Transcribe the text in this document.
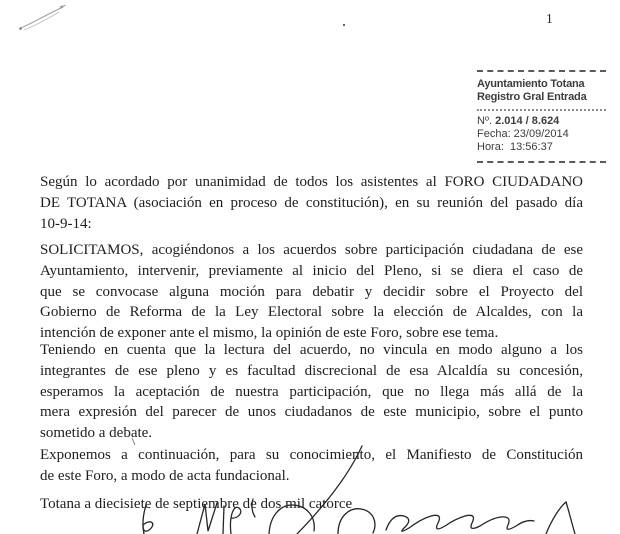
1
Ayuntamiento Totana
Registro Gral Entrada
Nº. 2.014 / 8.624
Fecha: 23/09/2014
Hora:  13:56:37
Según lo acordado por unanimidad de todos los asistentes al FORO CIUDADANO
DE TOTANA (asociación en proceso de constitución), en su reunión del pasado día
10-9-14:
SOLICITAMOS, acogiéndonos a los acuerdos sobre participación ciudadana de ese
Ayuntamiento, intervenir, previamente al inicio del Pleno, si se diera el caso de
que se convocase alguna moción para debatir y decidir sobre el Proyecto del
Gobierno de Reforma de la Ley Electoral sobre la elección de Alcaldes, con la
intención de exponer ante el mismo, la opinión de este Foro, sobre ese tema.
Teniendo en cuenta que la lectura del acuerdo, no vincula en modo alguno a los
integrantes de ese pleno y es facultad discrecional de esa Alcaldía su concesión,
esperamos la aceptación de nuestra participación, que no llega más allá de la
mera expresión del parecer de unos ciudadanos de este municipio, sobre el punto
sometido a debate.
Exponemos a continuación, para su conocimiento, el Manifiesto de Constitución
de este Foro, a modo de acta fundacional.
Totana a diecisiete de septiembre de dos mil catorce
